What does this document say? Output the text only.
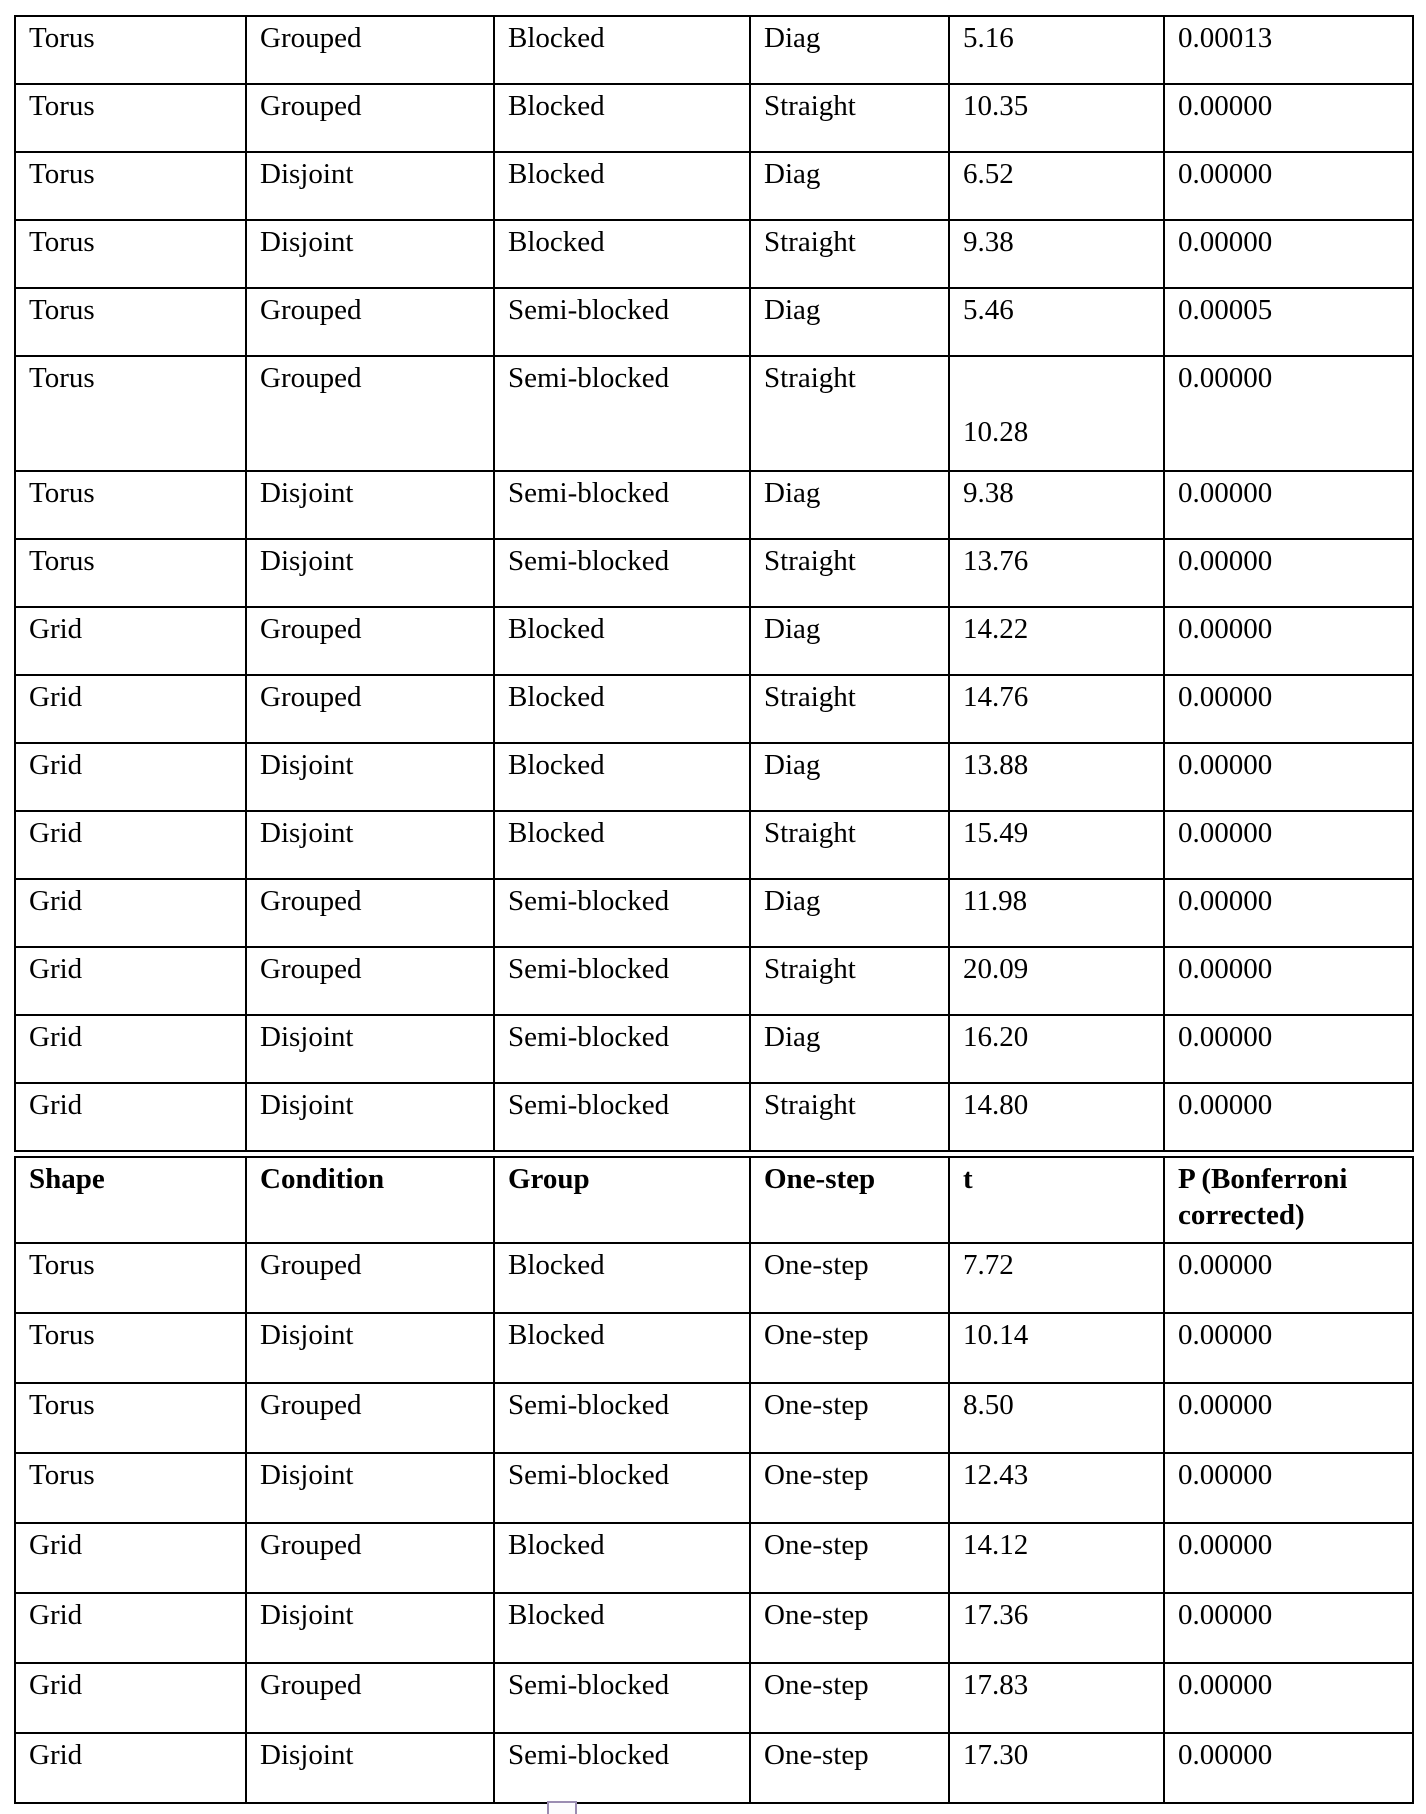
Torus	Grouped	Blocked	Diag	5.16	0.00013
Torus	Grouped	Blocked	Straight	10.35	0.00000
Torus	Disjoint	Blocked	Diag	6.52	0.00000
Torus	Disjoint	Blocked	Straight	9.38	0.00000
Torus	Grouped	Semi-blocked	Diag	5.46	0.00005
Torus	Grouped	Semi-blocked	Straight	10.28	0.00000
Torus	Disjoint	Semi-blocked	Diag	9.38	0.00000
Torus	Disjoint	Semi-blocked	Straight	13.76	0.00000
Grid	Grouped	Blocked	Diag	14.22	0.00000
Grid	Grouped	Blocked	Straight	14.76	0.00000
Grid	Disjoint	Blocked	Diag	13.88	0.00000
Grid	Disjoint	Blocked	Straight	15.49	0.00000
Grid	Grouped	Semi-blocked	Diag	11.98	0.00000
Grid	Grouped	Semi-blocked	Straight	20.09	0.00000
Grid	Disjoint	Semi-blocked	Diag	16.20	0.00000
Grid	Disjoint	Semi-blocked	Straight	14.80	0.00000
Shape	Condition	Group	One-step	t	P (Bonferroni corrected)
Torus	Grouped	Blocked	One-step	7.72	0.00000
Torus	Disjoint	Blocked	One-step	10.14	0.00000
Torus	Grouped	Semi-blocked	One-step	8.50	0.00000
Torus	Disjoint	Semi-blocked	One-step	12.43	0.00000
Grid	Grouped	Blocked	One-step	14.12	0.00000
Grid	Disjoint	Blocked	One-step	17.36	0.00000
Grid	Grouped	Semi-blocked	One-step	17.83	0.00000
Grid	Disjoint	Semi-blocked	One-step	17.30	0.00000
